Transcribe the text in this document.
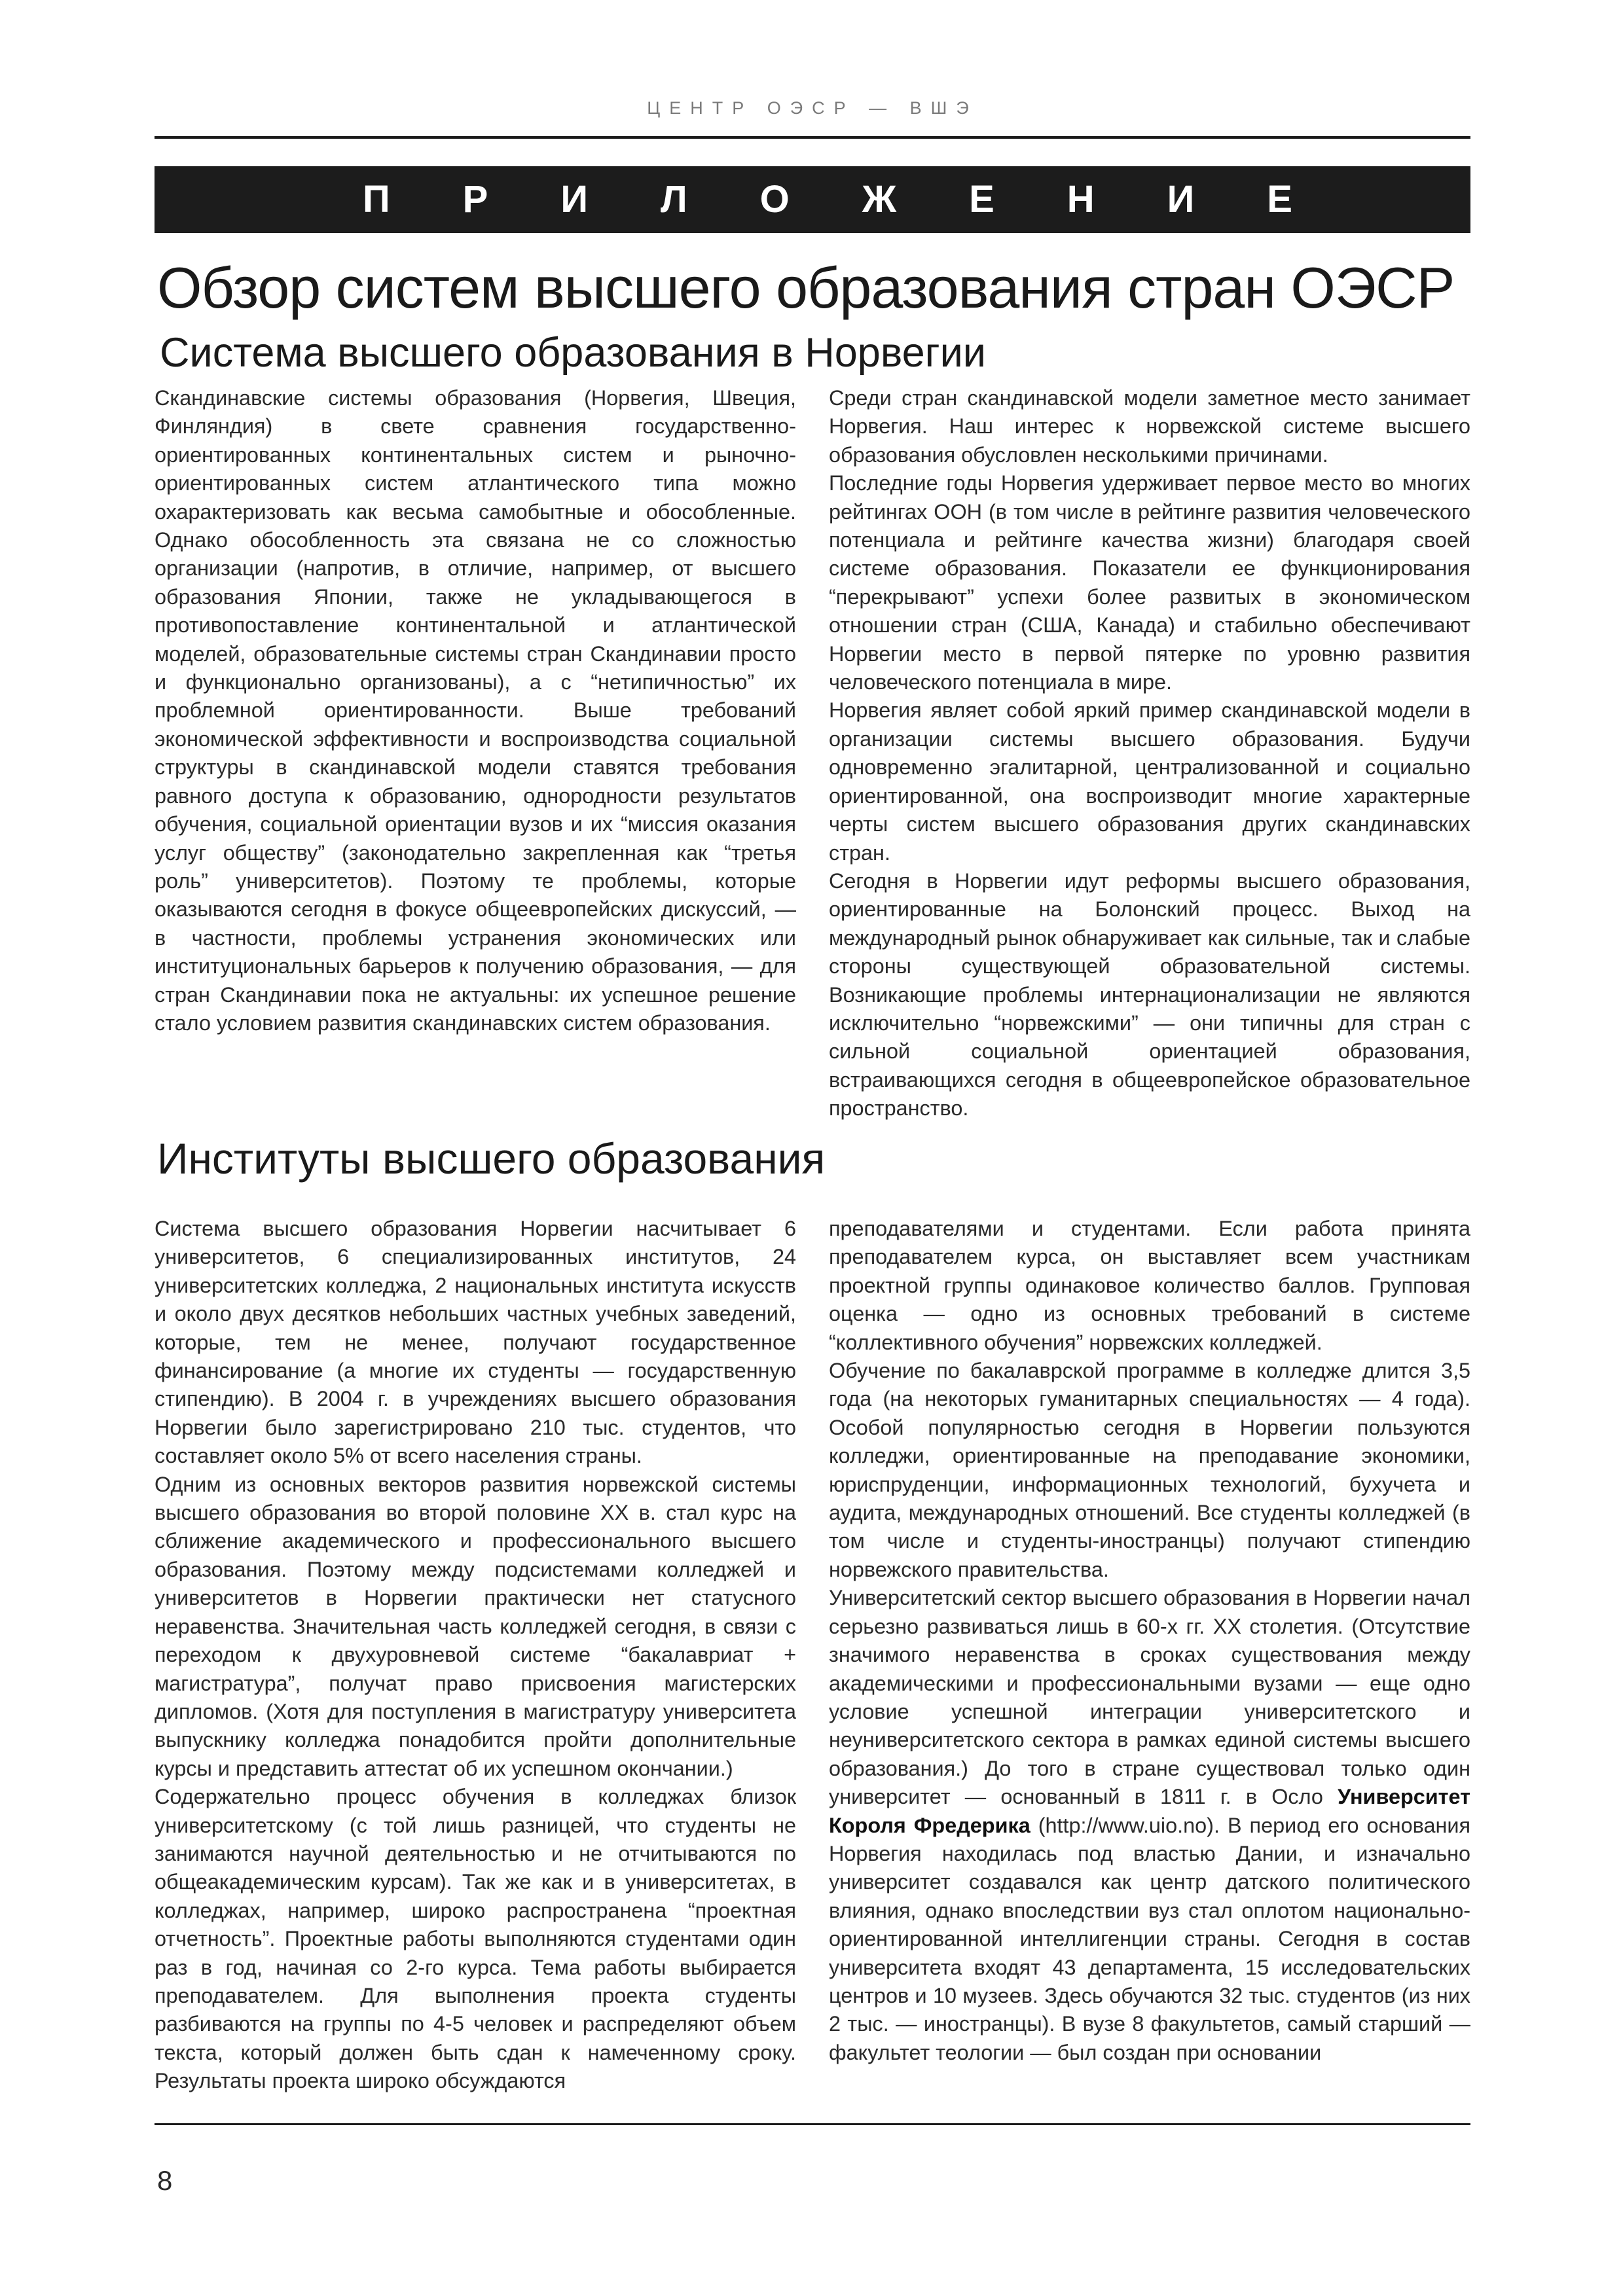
ЦЕНТР ОЭСР — ВШЭ
П Р И Л О Ж Е Н И Е
Обзор систем высшего образования стран ОЭСР
Система высшего образования в Норвегии

Скандинавские системы образования (Норвегия, Швеция, Финляндия) в свете сравнения государственно-ориентированных континентальных систем и рыночно-ориентированных систем атлантического типа можно охарактеризовать как весьма самобытные и обособленные. Однако обособленность эта связана не со сложностью организации (напротив, в отличие, например, от высшего образования Японии, также не укладывающегося в противопоставление континентальной и атлантической моделей, образовательные системы стран Скандинавии просто и функционально организованы), а с “нетипичностью” их проблемной ориентированности. Выше требований экономической эффективности и воспроизводства социальной структуры в скандинавской модели ставятся требования равного доступа к образованию, однородности результатов обучения, социальной ориентации вузов и их “миссия оказания услуг обществу” (законодательно закрепленная как “третья роль” университетов). Поэтому те проблемы, которые оказываются сегодня в фокусе общеевропейских дискуссий, — в частности, проблемы устранения экономических или институциональных барьеров к получению образования, — для стран Скандинавии пока не актуальны: их успешное решение стало условием развития скандинавских систем образования.

Среди стран скандинавской модели заметное место занимает Норвегия. Наш интерес к норвежской системе высшего образования обусловлен несколькими причинами.

Последние годы Норвегия удерживает первое место во многих рейтингах ООН (в том числе в рейтинге развития человеческого потенциала и рейтинге качества жизни) благодаря своей системе образования. Показатели ее функционирования “перекрывают” успехи более развитых в экономическом отношении стран (США, Канада) и стабильно обеспечивают Норвегии место в первой пятерке по уровню развития человеческого потенциала в мире.

Норвегия являет собой яркий пример скандинавской модели в организации системы высшего образования. Будучи одновременно эгалитарной, централизованной и социально ориентированной, она воспроизводит многие характерные черты систем высшего образования других скандинавских стран.

Сегодня в Норвегии идут реформы высшего образования, ориентированные на Болонский процесс. Выход на международный рынок обнаруживает как сильные, так и слабые стороны существующей образовательной системы. Возникающие проблемы интернационализации не являются исключительно “норвежскими” — они типичны для стран с сильной социальной ориентацией образования, встраивающихся сегодня в общеевропейское образовательное пространство.

Институты высшего образования

Система высшего образования Норвегии насчитывает 6 университетов, 6 специализированных институтов, 24 университетских колледжа, 2 национальных института искусств и около двух десятков небольших частных учебных заведений, которые, тем не менее, получают государственное финансирование (а многие их студенты — государственную стипендию). В 2004 г. в учреждениях высшего образования Норвегии было зарегистрировано 210 тыс. студентов, что составляет около 5% от всего населения страны.

Одним из основных векторов развития норвежской системы высшего образования во второй половине XX в. стал курс на сближение академического и профессионального высшего образования. Поэтому между подсистемами колледжей и университетов в Норвегии практически нет статусного неравенства. Значительная часть колледжей сегодня, в связи с переходом к двухуровневой системе “бакалавриат + магистратура”, получат право присвоения магистерских дипломов. (Хотя для поступления в магистратуру университета выпускнику колледжа понадобится пройти дополнительные курсы и представить аттестат об их успешном окончании.)

Содержательно процесс обучения в колледжах близок университетскому (с той лишь разницей, что студенты не занимаются научной деятельностью и не отчитываются по общеакадемическим курсам). Так же как и в университетах, в колледжах, например, широко распространена “проектная отчетность”. Проектные работы выполняются студентами один раз в год, начиная со 2-го курса. Тема работы выбирается преподавателем. Для выполнения проекта студенты разбиваются на группы по 4-5 человек и распределяют объем текста, который должен быть сдан к намеченному сроку. Результаты проекта широко обсуждаются

преподавателями и студентами. Если работа принята преподавателем курса, он выставляет всем участникам проектной группы одинаковое количество баллов. Групповая оценка — одно из основных требований в системе “коллективного обучения” норвежских колледжей.

Обучение по бакалаврской программе в колледже длится 3,5 года (на некоторых гуманитарных специальностях — 4 года). Особой популярностью сегодня в Норвегии пользуются колледжи, ориентированные на преподавание экономики, юриспруденции, информационных технологий, бухучета и аудита, международных отношений. Все студенты колледжей (в том числе и студенты-иностранцы) получают стипендию норвежского правительства.

Университетский сектор высшего образования в Норвегии начал серьезно развиваться лишь в 60-х гг. XX столетия. (Отсутствие значимого неравенства в сроках существования между академическими и профессиональными вузами — еще одно условие успешной интеграции университетского и неуниверситетского сектора в рамках единой системы высшего образования.) До того в стране существовал только один университет — основанный в 1811 г. в Осло Университет Короля Фредерика (http://www.uio.no). В период его основания Норвегия находилась под властью Дании, и изначально университет создавался как центр датского политического влияния, однако впоследствии вуз стал оплотом национально-ориентированной интеллигенции страны. Сегодня в состав университета входят 43 департамента, 15 исследовательских центров и 10 музеев. Здесь обучаются 32 тыс. студентов (из них 2 тыс. — иностранцы). В вузе 8 факультетов, самый старший — факультет теологии — был создан при основании

8
